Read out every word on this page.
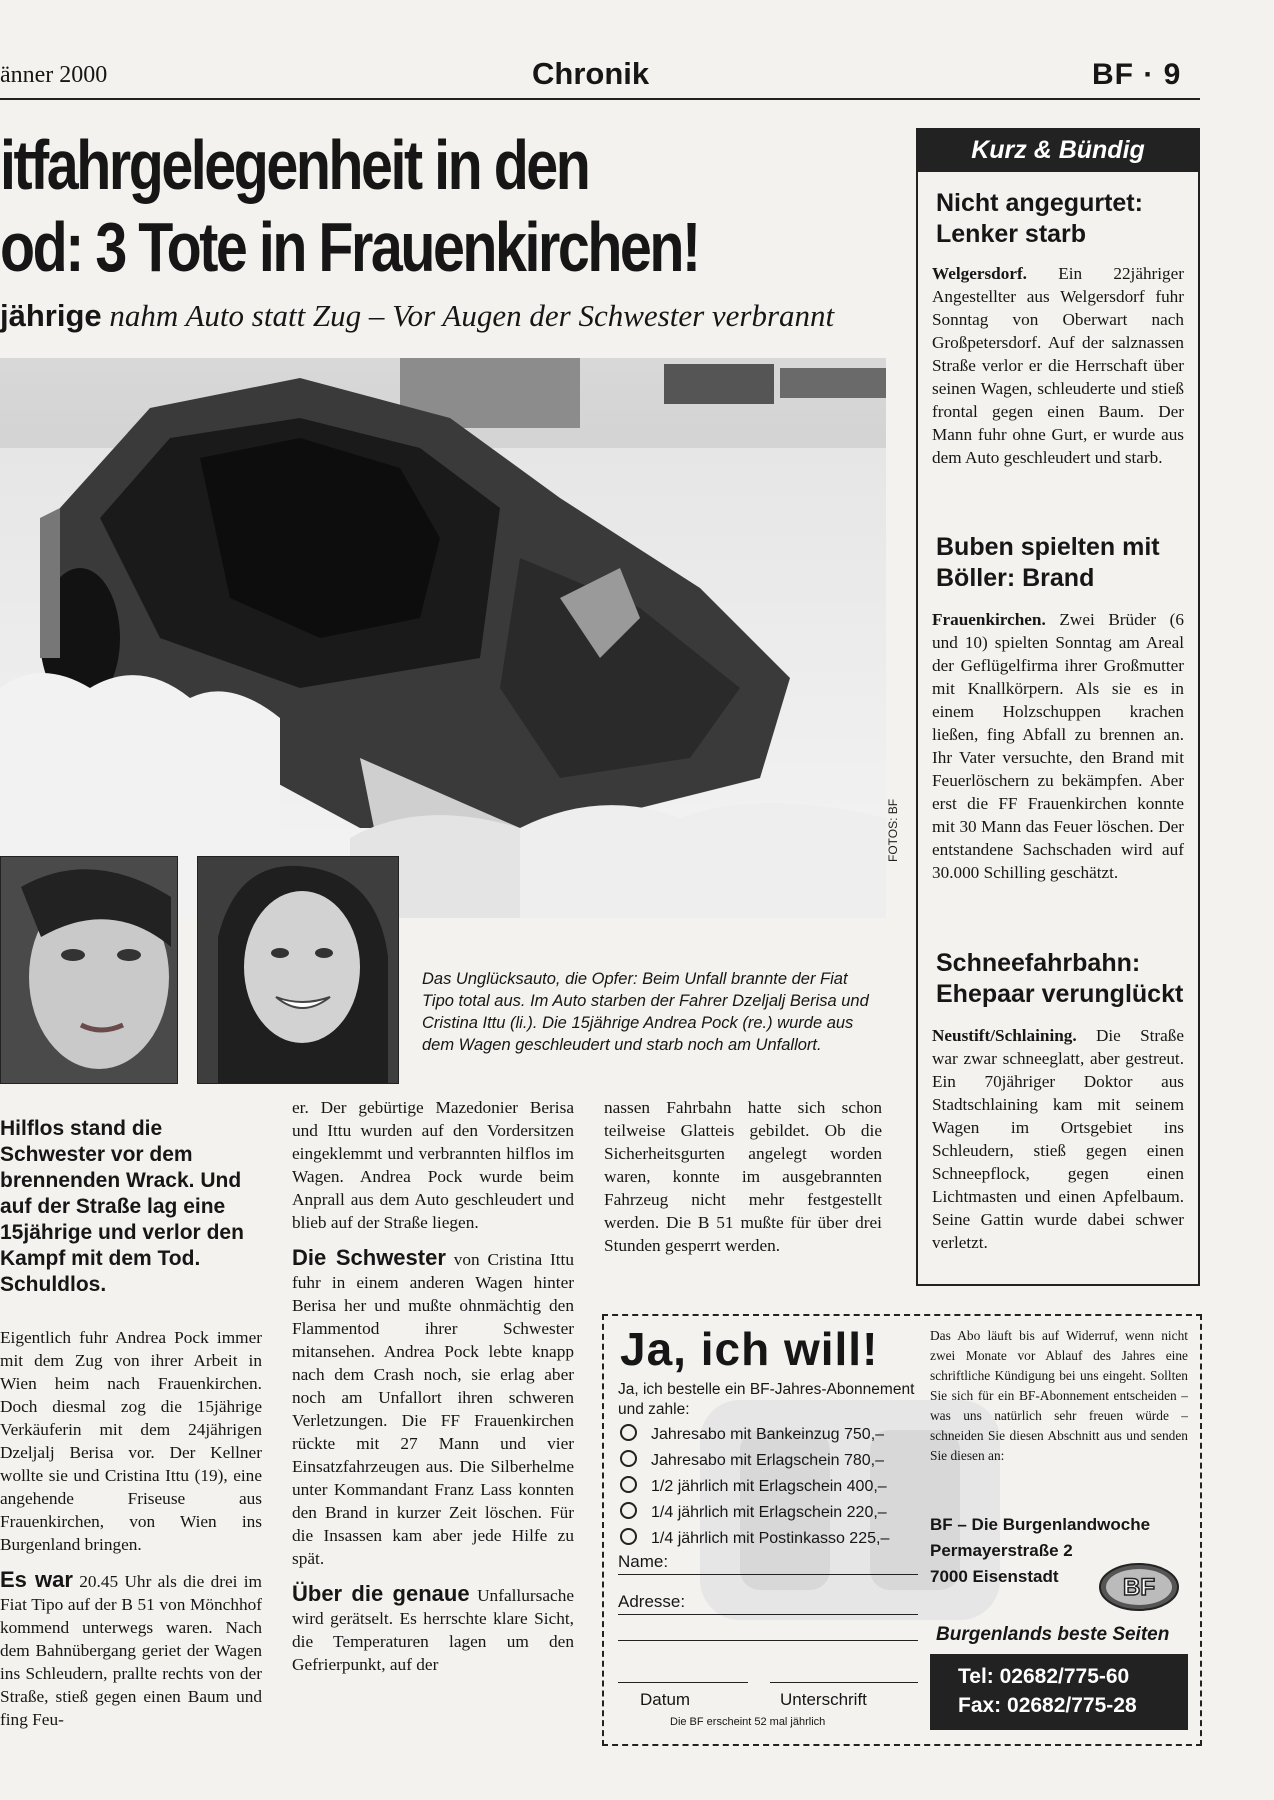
änner 2000	Chronik	BF · 9
itfahrgelegenheit in den
od: 3 Tote in Frauenkirchen!
jährige nahm Auto statt Zug – Vor Augen der Schwester verbrannt
FOTOS: BF
Das Unglücksauto, die Opfer: Beim Unfall brannte der Fiat Tipo total aus. Im Auto starben der Fahrer Dzeljalj Berisa und Cristina Ittu (li.). Die 15jährige Andrea Pock (re.) wurde aus dem Wagen geschleudert und starb noch am Unfallort.
Hilflos stand die Schwester vor dem brennenden Wrack. Und auf der Straße lag eine 15jährige und verlor den Kampf mit dem Tod. Schuldlos.

Eigentlich fuhr Andrea Pock immer mit dem Zug von ihrer Arbeit in Wien heim nach Frauenkirchen. Doch diesmal zog die 15jährige Verkäuferin mit dem 24jährigen Dzeljalj Berisa vor. Der Kellner wollte sie und Cristina Ittu (19), eine angehende Friseuse aus Frauenkirchen, von Wien ins Burgenland bringen.

Es war 20.45 Uhr als die drei im Fiat Tipo auf der B 51 von Mönchhof kommend unterwegs waren. Nach dem Bahnübergang geriet der Wagen ins Schleudern, prallte rechts von der Straße, stieß gegen einen Baum und fing Feu-

er. Der gebürtige Mazedonier Berisa und Ittu wurden auf den Vordersitzen eingeklemmt und verbrannten hilflos im Wagen. Andrea Pock wurde beim Anprall aus dem Auto geschleudert und blieb auf der Straße liegen.

Die Schwester von Cristina Ittu fuhr in einem anderen Wagen hinter Berisa her und mußte ohnmächtig den Flammentod ihrer Schwester mitansehen. Andrea Pock lebte knapp nach dem Crash noch, sie erlag aber noch am Unfallort ihren schweren Verletzungen. Die FF Frauenkirchen rückte mit 27 Mann und vier Einsatzfahrzeugen aus. Die Silberhelme unter Kommandant Franz Lass konnten den Brand in kurzer Zeit löschen. Für die Insassen kam aber jede Hilfe zu spät.

Über die genaue Unfallursache wird gerätselt. Es herrschte klare Sicht, die Temperaturen lagen um den Gefrierpunkt, auf der

nassen Fahrbahn hatte sich schon teilweise Glatteis gebildet. Ob die Sicherheitsgurten angelegt worden waren, konnte im ausgebrannten Fahrzeug nicht mehr festgestellt werden. Die B 51 mußte für über drei Stunden gesperrt werden.

Kurz & Bündig
Nicht angegurtet: Lenker starb
Welgersdorf. Ein 22jähriger Angestellter aus Welgersdorf fuhr Sonntag von Oberwart nach Großpetersdorf. Auf der salznassen Straße verlor er die Herrschaft über seinen Wagen, schleuderte und stieß frontal gegen einen Baum. Der Mann fuhr ohne Gurt, er wurde aus dem Auto geschleudert und starb.
Buben spielten mit Böller: Brand
Frauenkirchen. Zwei Brüder (6 und 10) spielten Sonntag am Areal der Geflügelfirma ihrer Großmutter mit Knallkörpern. Als sie es in einem Holzschuppen krachen ließen, fing Abfall zu brennen an. Ihr Vater versuchte, den Brand mit Feuerlöschern zu bekämpfen. Aber erst die FF Frauenkirchen konnte mit 30 Mann das Feuer löschen. Der entstandene Sachschaden wird auf 30.000 Schilling geschätzt.
Schneefahrbahn: Ehepaar verunglückt
Neustift/Schlaining. Die Straße war zwar schneeglatt, aber gestreut. Ein 70jähriger Doktor aus Stadtschlaining kam mit seinem Wagen im Ortsgebiet ins Schleudern, stieß gegen einen Schneepflock, gegen einen Lichtmasten und einen Apfelbaum. Seine Gattin wurde dabei schwer verletzt.
Ja, ich will!
Ja, ich bestelle ein BF-Jahres-Abonnement und zahle:
Jahresabo mit Bankeinzug 750,–
Jahresabo mit Erlagschein 780,–
1/2 jährlich mit Erlagschein 400,–
1/4 jährlich mit Erlagschein 220,–
1/4 jährlich mit Postinkasso 225,–
Name:
Adresse:
Datum	Unterschrift
Die BF erscheint 52 mal jährlich
Das Abo läuft bis auf Widerruf, wenn nicht zwei Monate vor Ablauf des Jahres eine schriftliche Kündigung bei uns eingeht. Sollten Sie sich für ein BF-Abonnement entscheiden – was uns natürlich sehr freuen würde – schneiden Sie diesen Abschnitt aus und senden Sie diesen an:
BF – Die Burgenlandwoche
Permayerstraße 2
7000 Eisenstadt	BF
Burgenlands beste Seiten
Tel: 02682/775-60
Fax: 02682/775-28
